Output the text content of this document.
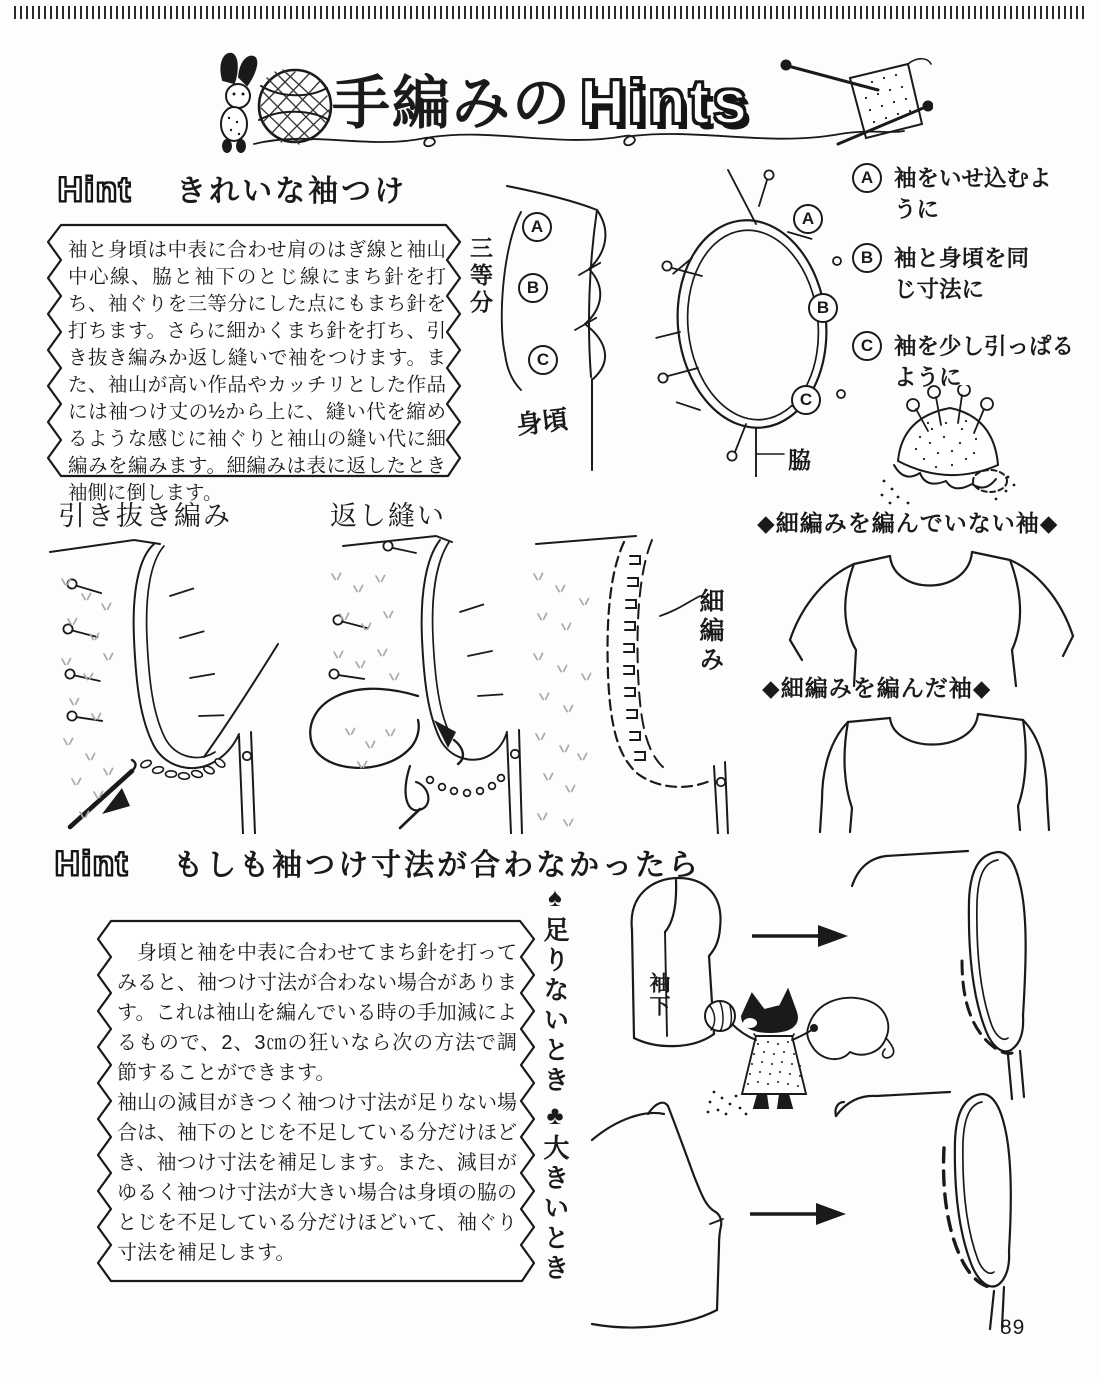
手編みの Hints
Hint きれいな袖つけ
袖と身頃は中表に合わせ肩のはぎ線と袖山中心線、脇と袖下のとじ線にまち針を打ち、袖ぐりを三等分にした点にもまち針を打ちます。さらに細かくまち針を打ち、引き抜き編みか返し縫いで袖をつけます。また、袖山が高い作品やカッチリとした作品には袖つけ丈の½から上に、縫い代を縮めるような感じに袖ぐりと袖山の縫い代に細編みを編みます。細編みは表に返したとき袖側に倒します。
三等分
A
B
C
身頃
A
B
C
脇
A 袖をいせ込むように
B 袖と身頃を同じ寸法に
C 袖を少し引っぱるように
引き抜き編み	返し縫い
細編み
◆細編みを編んでいない袖◆
◆細編みを編んだ袖◆
Hint もしも袖つけ寸法が合わなかったら
身頃と袖を中表に合わせてまち針を打ってみると、袖つけ寸法が合わない場合があります。これは袖山を編んでいる時の手加減によるもので、2、3㎝の狂いなら次の方法で調節することができます。
袖山の減目がきつく袖つけ寸法が足りない場合は、袖下のとじを不足している分だけほどき、袖つけ寸法を補足します。また、減目がゆるく袖つけ寸法が大きい場合は身頃の脇のとじを不足している分だけほどいて、袖ぐり寸法を補足します。
♠足りないとき
♣大きいとき
袖下
89
